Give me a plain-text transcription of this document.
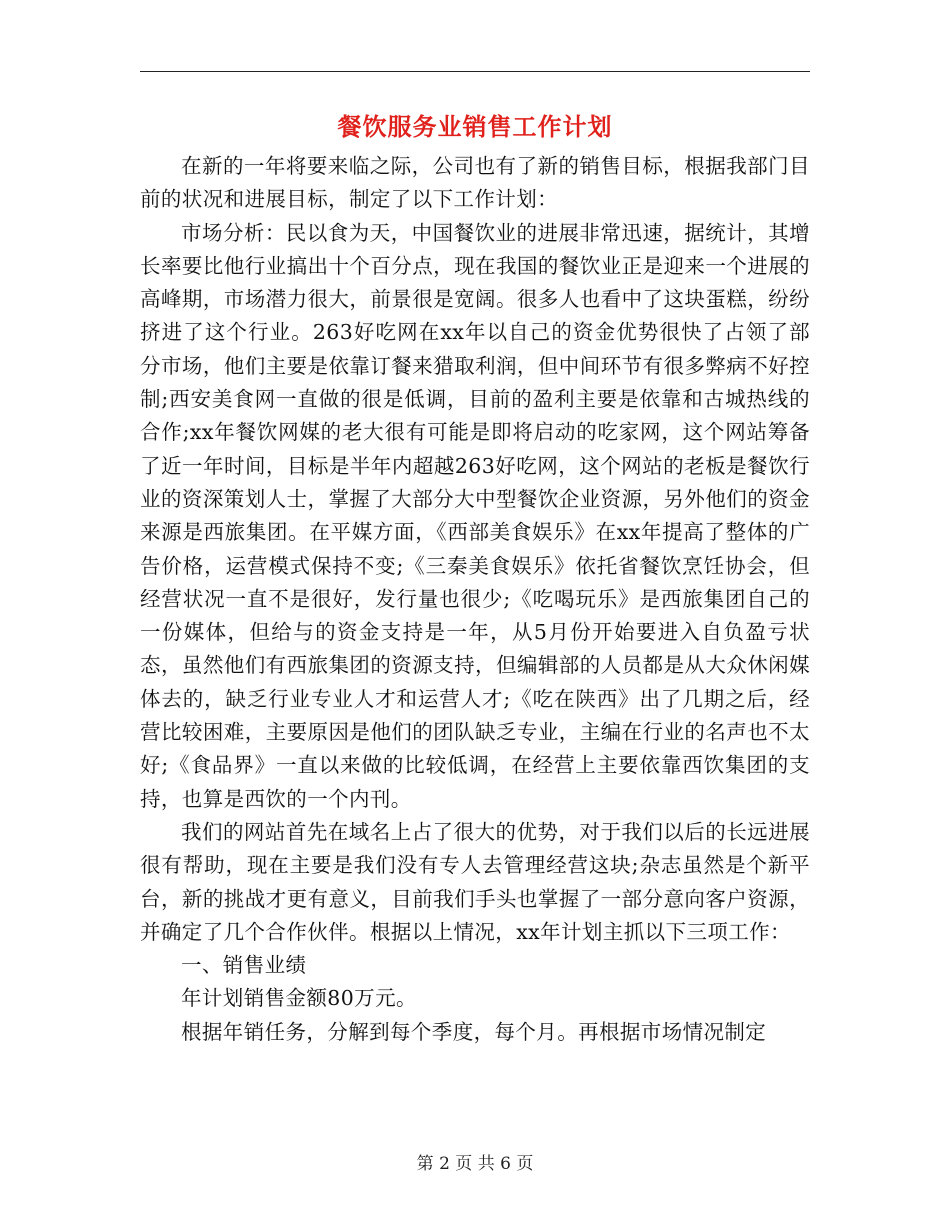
餐饮服务业销售工作计划

在新的一年将要来临之际，公司也有了新的销售目标，根据我部门目前的状况和进展目标，制定了以下工作计划：

市场分析：民以食为天，中国餐饮业的进展非常迅速，据统计，其增长率要比他行业搞出十个百分点，现在我国的餐饮业正是迎来一个进展的高峰期，市场潜力很大，前景很是宽阔。很多人也看中了这块蛋糕，纷纷挤进了这个行业。263好吃网在xx年以自己的资金优势很快了占领了部分市场，他们主要是依靠订餐来猎取利润，但中间环节有很多弊病不好控制;西安美食网一直做的很是低调，目前的盈利主要是依靠和古城热线的合作;xx年餐饮网媒的老大很有可能是即将启动的吃家网，这个网站筹备了近一年时间，目标是半年内超越263好吃网，这个网站的老板是餐饮行业的资深策划人士，掌握了大部分大中型餐饮企业资源，另外他们的资金来源是西旅集团。在平媒方面，《西部美食娱乐》在xx年提高了整体的广告价格，运营模式保持不变;《三秦美食娱乐》依托省餐饮烹饪协会，但经营状况一直不是很好，发行量也很少;《吃喝玩乐》是西旅集团自己的一份媒体，但给与的资金支持是一年，从5月份开始要进入自负盈亏状态，虽然他们有西旅集团的资源支持，但编辑部的人员都是从大众休闲媒体去的，缺乏行业专业人才和运营人才;《吃在陕西》出了几期之后，经营比较困难，主要原因是他们的团队缺乏专业，主编在行业的名声也不太好;《食品界》一直以来做的比较低调，在经营上主要依靠西饮集团的支持，也算是西饮的一个内刊。

我们的网站首先在域名上占了很大的优势，对于我们以后的长远进展很有帮助，现在主要是我们没有专人去管理经营这块;杂志虽然是个新平台，新的挑战才更有意义，目前我们手头也掌握了一部分意向客户资源，并确定了几个合作伙伴。根据以上情况，xx年计划主抓以下三项工作：

一、销售业绩

年计划销售金额80万元。

根据年销任务，分解到每个季度，每个月。再根据市场情况制定

第 2 页 共 6 页
